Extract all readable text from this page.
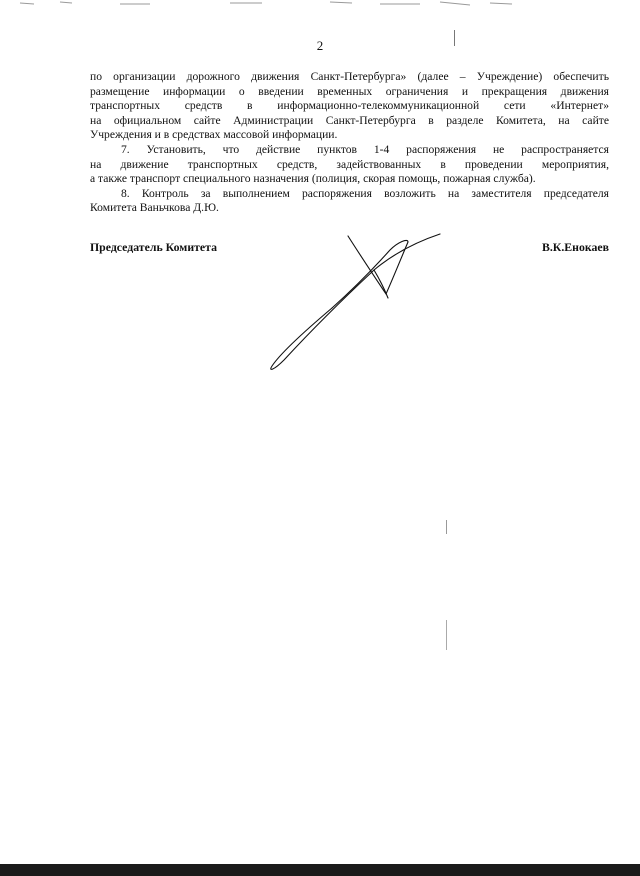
2

по организации дорожного движения Санкт-Петербурга» (далее – Учреждение) обеспечить
размещение информации о введении временных ограничения и прекращения движения
транспортных средств в информационно-телекоммуникационной сети «Интернет»
на официальном сайте Администрации Санкт-Петербурга в разделе Комитета, на сайте
Учреждения и в средствах массовой информации.

7. Установить, что действие пунктов 1-4 распоряжения не распространяется
на движение транспортных средств, задействованных в проведении мероприятия,
а также транспорт специального назначения (полиция, скорая помощь, пожарная служба).

8. Контроль за выполнением распоряжения возложить на заместителя председателя
Комитета Ваньчкова Д.Ю.

Председатель Комитета	В.К.Енокаев
